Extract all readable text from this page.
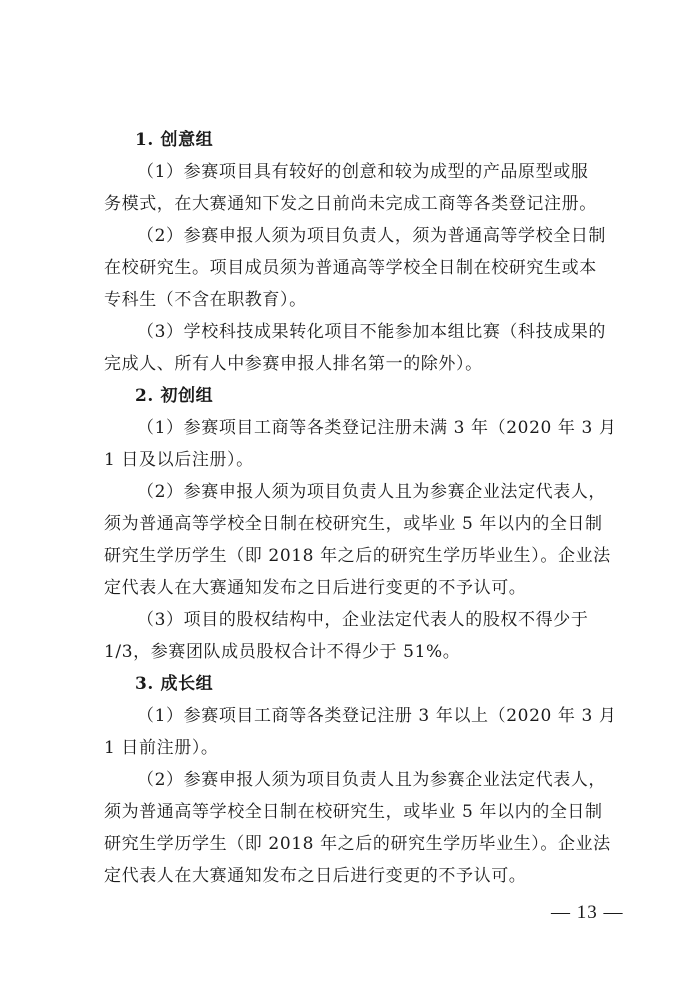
1. 创意组
（1）参赛项目具有较好的创意和较为成型的产品原型或服
务模式，在大赛通知下发之日前尚未完成工商等各类登记注册。
（2）参赛申报人须为项目负责人，须为普通高等学校全日制
在校研究生。项目成员须为普通高等学校全日制在校研究生或本
专科生（不含在职教育）。
（3）学校科技成果转化项目不能参加本组比赛（科技成果的
完成人、所有人中参赛申报人排名第一的除外）。
2. 初创组
（1）参赛项目工商等各类登记注册未满 3 年（2020 年 3 月
1 日及以后注册）。
（2）参赛申报人须为项目负责人且为参赛企业法定代表人，
须为普通高等学校全日制在校研究生，或毕业 5 年以内的全日制
研究生学历学生（即 2018 年之后的研究生学历毕业生）。企业法
定代表人在大赛通知发布之日后进行变更的不予认可。
（3）项目的股权结构中，企业法定代表人的股权不得少于
1/3，参赛团队成员股权合计不得少于 51%。
3. 成长组
（1）参赛项目工商等各类登记注册 3 年以上（2020 年 3 月
1 日前注册）。
（2）参赛申报人须为项目负责人且为参赛企业法定代表人，
须为普通高等学校全日制在校研究生，或毕业 5 年以内的全日制
研究生学历学生（即 2018 年之后的研究生学历毕业生）。企业法
定代表人在大赛通知发布之日后进行变更的不予认可。
— 13 —
